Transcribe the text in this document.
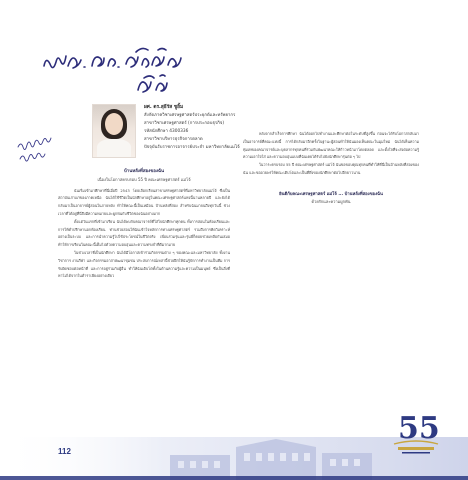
ผศ. ดร.สุธีรัส ชูยิ้ม
สังกัดภาควิชาเศรษฐศาสตร์ประยุกต์และทรัพยากร
สาขาวิชาเศรษฐศาสตร์ (การประกอบธุรกิจ)
รหัสนักศึกษา 4300336
สาขาวิชาบริหารธุรกิจการตลาด
ปัจจุบันรับราชการอาจารย์ประจำ มหาวิทยาลัยแม่โจ้
บ้านหลังที่สองของฉัน
เนื่องในโอกาสครบรอบ 55 ปี คณะเศรษฐศาสตร์ แม่โจ้

ฉันเริ่มเข้ามาศึกษาที่นี่เมื่อปี 2543 โดยเลือกเรียนสาขาเศรษฐศาสตร์ที่มหาวิทยาลัยแม่โจ้ ซึ่งเป็นสถาบันเก่าแก่ของภาคเหนือ ฉันได้ใช้ชีวิตเป็นนักศึกษาอยู่ในคณะเศรษฐศาสตร์แห่งนี้นานหลายปี และยังได้กลับมาเป็นอาจารย์ผู้สอนในภายหลัง ทำให้คณะนี้เป็นเหมือน บ้านหลังที่สอง สำหรับฉันมาจนถึงทุกวันนี้ ช่วงเวลาที่ได้อยู่ที่นี่จึงมีความหมายและผูกพันกับชีวิตของฉันอย่างมาก

ตั้งแต่วันแรกที่เข้ามาเรียน ฉันได้พบกับคณาจารย์ที่ใส่ใจนักศึกษาทุกคน ทั้งการสอนในห้องเรียนและการให้คำปรึกษานอกห้องเรียน ท่านช่วยสอนให้ฉันเข้าใจหลักการทางเศรษฐศาสตร์ รวมถึงการคิดวิเคราะห์อย่างเป็นระบบ และการนำความรู้ไปใช้ประโยชน์ในชีวิตจริง เพื่อนร่วมรุ่นและรุ่นพี่ก็คอยช่วยเหลือกันเสมอ ทำให้การเรียนในคณะนี้เต็มไปด้วยความอบอุ่นและความทรงจำที่ดีมากมาย

ในช่วงเวลาที่เป็นนักศึกษา ฉันได้มีโอกาสเข้าร่วมกิจกรรมต่าง ๆ ของคณะและมหาวิทยาลัย ทั้งงานวิชาการ งานกีฬา และกิจกรรมอาสาพัฒนาชุมชน ประสบการณ์เหล่านี้ช่วยฝึกให้ฉันรู้จักการทำงานเป็นทีม การรับผิดชอบต่อหน้าที่ และการอยู่ร่วมกับผู้อื่น ทำให้ฉันเติบโตทั้งในด้านความรู้และความเป็นมนุษย์ ซึ่งเป็นสิ่งที่หาไม่ได้จากในตำราเพียงอย่างเดียว

หลังจากสำเร็จการศึกษา ฉันได้ออกไปทำงานและศึกษาต่อในระดับที่สูงขึ้น ก่อนจะได้รับโอกาสกลับมาเป็นอาจารย์ที่คณะแห่งนี้ การได้กลับมาอีกครั้งในฐานะผู้สอนทำให้ฉันมองเห็นคณะในมุมใหม่ ฉันได้เห็นความทุ่มเทของคณาจารย์และบุคลากรทุกคนที่ร่วมกันพัฒนาคณะให้ก้าวหน้ามาโดยตลอด และตั้งใจที่จะส่งต่อความรู้ ความเอาใจใส่ และความอบอุ่นแบบที่ฉันเคยได้รับไปยังนักศึกษารุ่นต่อ ๆ ไป

ในวาระครบรอบ 55 ปี คณะเศรษฐศาสตร์ แม่โจ้ ฉันขอขอบคุณทุกคนที่ทำให้ที่นี่เป็นบ้านหลังที่สองของฉัน และขออวยพรให้คณะเติบโตและเป็นที่พึ่งของนักศึกษาต่อไปอีกยาวนาน

ยินดีกับคณะเศรษฐศาสตร์ แม่โจ้ ... บ้านหลังที่สองของฉัน
ด้วยรักและความผูกพัน
112
55
